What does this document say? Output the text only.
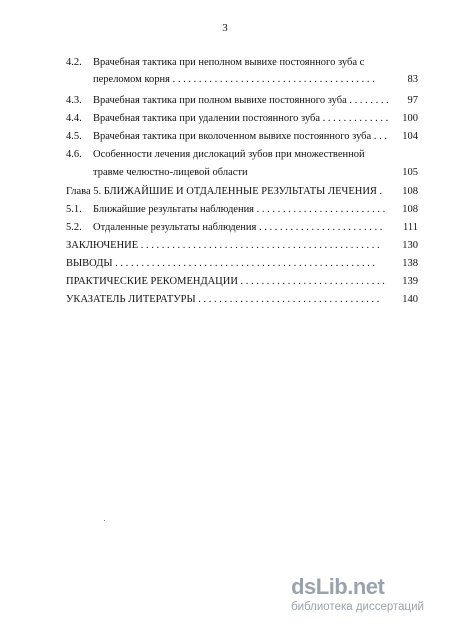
3
4.2. Врачебная тактика при неполном вывихе постоянного зуба с
переломом корня . . . . . . . . . . . . . . . . . . . . . . . . . . . . . . . . . . . . . . .	83
4.3. Врачебная тактика при полном вывихе постоянного зуба . . . . . . . .	97
4.4. Врачебная тактика при удалении постоянного зуба . . . . . . . . . . . . .	100
4.5. Врачебная тактика при вколоченном вывихе постоянного зуба . . .	104
4.6. Особенности лечения дислокаций зубов при множественной
травме челюстно-лицевой области	105
Глава 5. БЛИЖАЙШИЕ И ОТДАЛЕННЫЕ РЕЗУЛЬТАТЫ ЛЕЧЕНИЯ .	108
5.1. Ближайшие результаты наблюдения . . . . . . . . . . . . . . . . . . . . . . . . .	108
5.2. Отдаленные результаты наблюдения . . . . . . . . . . . . . . . . . . . . . . . .	111
ЗАКЛЮЧЕНИЕ . . . . . . . . . . . . . . . . . . . . . . . . . . . . . . . . . . . . . . . . . . . . . .	130
ВЫВОДЫ . . . . . . . . . . . . . . . . . . . . . . . . . . . . . . . . . . . . . . . . . . . . . . . . . .	138
ПРАКТИЧЕСКИЕ РЕКОМЕНДАЦИИ . . . . . . . . . . . . . . . . . . . . . . . . . . . .	139
УКАЗАТЕЛЬ ЛИТЕРАТУРЫ . . . . . . . . . . . . . . . . . . . . . . . . . . . . . . . . . . .	140
dsLib.net
библиотека диссертаций
